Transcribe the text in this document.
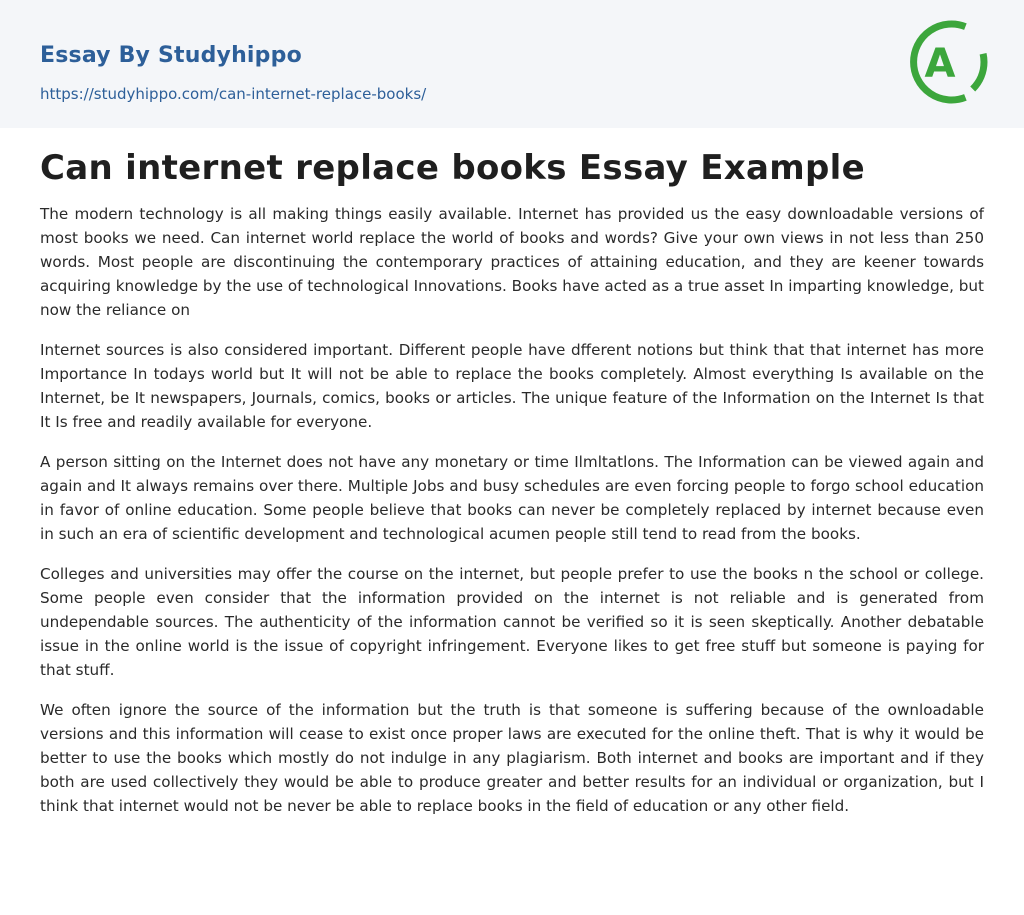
Essay By Studyhippo
https://studyhippo.com/can-internet-replace-books/
A
Can internet replace books Essay Example

The modern technology is all making things easily available. Internet has provided us the easy downloadable versions of most books we need. Can internet world replace the world of books and words? Give your own views in not less than 250 words. Most people are discontinuing the contemporary practices of attaining education, and they are keener towards acquiring knowledge by the use of technological Innovations. Books have acted as a true asset In imparting knowledge, but now the reliance on

Internet sources is also considered important. Different people have dfferent notions but think that that internet has more Importance In todays world but It will not be able to replace the books completely. Almost everything Is available on the Internet, be It newspapers, Journals, comics, books or articles. The unique feature of the Information on the Internet Is that It Is free and readily available for everyone.

A person sitting on the Internet does not have any monetary or time Ilmltatlons. The Information can be viewed again and again and It always remains over there. Multiple Jobs and busy schedules are even forcing people to forgo school education in favor of online education. Some people believe that books can never be completely replaced by internet because even in such an era of scientific development and technological acumen people still tend to read from the books.

Colleges and universities may offer the course on the internet, but people prefer to use the books n the school or college. Some people even consider that the information provided on the internet is not reliable and is generated from undependable sources. The authenticity of the information cannot be verified so it is seen skeptically. Another debatable issue in the online world is the issue of copyright infringement. Everyone likes to get free stuff but someone is paying for that stuff.

We often ignore the source of the information but the truth is that someone is suffering because of the ownloadable versions and this information will cease to exist once proper laws are executed for the online theft. That is why it would be better to use the books which mostly do not indulge in any plagiarism. Both internet and books are important and if they both are used collectively they would be able to produce greater and better results for an individual or organization, but I think that internet would not be never be able to replace books in the field of education or any other field.
